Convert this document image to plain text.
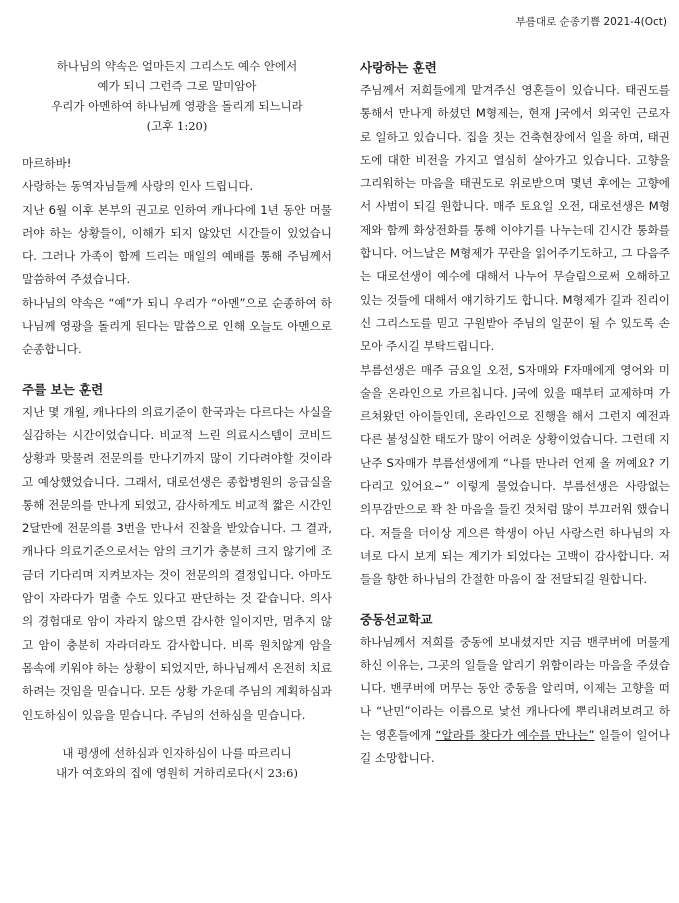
부름대로 순종기쁨 2021-4(Oct)
하나님의 약속은 얼마든지 그리스도 예수 안에서
예가 되니 그런즉 그로 말미암아
우리가 아멘하여 하나님께 영광을 돌리게 되느니라
(고후 1:20)

마르하바!

사랑하는 동역자님들께 사랑의 인사 드립니다.

지난 6월 이후 본부의 권고로 인하여 캐나다에 1년 동안 머물러야 하는 상황들이, 이해가 되지 않았던 시간들이 있었습니다. 그러나 가족이 함께 드리는 매일의 예배를 통해 주님께서 말씀하여 주셨습니다.

하나님의 약속은 “예”가 되니 우리가 “아멘”으로 순종하여 하나님께 영광을 돌리게 된다는 말씀으로 인해 오늘도 아멘으로 순종합니다.

주를 보는 훈련

지난 몇 개월, 캐나다의 의료기준이 한국과는 다르다는 사실을 실감하는 시간이었습니다. 비교적 느린 의료시스템이 코비드 상황과 맞물려 전문의를 만나기까지 많이 기다려야할 것이라고 예상했었습니다. 그래서, 대로선생은 종합병원의 응급실을 통해 전문의를 만나게 되었고, 감사하게도 비교적 짧은 시간인 2달만에 전문의를 3번을 만나서 진찰을 받았습니다. 그 결과, 캐나다 의료기준으로서는 암의 크기가 충분히 크지 않기에 조금더 기다리며 지켜보자는 것이 전문의의 결정입니다. 아마도 암이 자라다가 멈출 수도 있다고 판단하는 것 같습니다. 의사의 경험대로 암이 자라지 않으면 감사한 일이지만, 멈추지 않고 암이 충분히 자라더라도 감사합니다. 비록 원치않게 암을 몸속에 키워야 하는 상황이 되었지만, 하나님께서 온전히 치료하려는 것임을 믿습니다. 모든 상황 가운데 주님의 계획하심과 인도하심이 있음을 믿습니다. 주님의 선하심을 믿습니다.

내 평생에 선하심과 인자하심이 나를 따르리니
내가 여호와의 집에 영원히 거하리로다(시 23:6)

사랑하는 훈련

주님께서 저희들에게 맡겨주신 영혼들이 있습니다. 태권도를 통해서 만나게 하셨던 M형제는, 현재 J국에서 외국인 근로자로 일하고 있습니다. 집을 짓는 건축현장에서 일을 하며, 태권도에 대한 비전을 가지고 열심히 살아가고 있습니다. 고향을 그리워하는 마음을 태권도로 위로받으며 몇년 후에는 고향에서 사범이 되길 원합니다. 매주 토요일 오전, 대로선생은 M형제와 함께 화상전화를 통해 이야기를 나누는데 긴시간 통화를 합니다. 어느날은 M형제가 꾸란을 읽어주기도하고, 그 다음주는 대로선생이 예수에 대해서 나누어 무슬림으로써 오해하고있는 것들에 대해서 얘기하기도 합니다. M형제가 길과 진리이신 그리스도를 믿고 구원받아 주님의 일꾼이 될 수 있도록 손모아 주시길 부탁드립니다.

부름선생은 매주 금요일 오전, S자매와 F자매에게 영어와 미술을 온라인으로 가르칩니다. J국에 있을 때부터 교제하며 가르쳐왔던 아이들인데, 온라인으로 진행을 해서 그런지 예전과 다른 불성실한 태도가 많이 어려운 상황이었습니다. 그런데 지난주 S자매가 부름선생에게 “나를 만나러 언제 올 꺼예요? 기다리고 있어요~” 이렇게 물었습니다. 부름선생은 사랑없는 의무감만으로 꽉 찬 마음을 들킨 것처럼 많이 부끄러워 했습니다. 저들을 더이상 게으른 학생이 아닌 사랑스런 하나님의 자녀로 다시 보게 되는 계기가 되었다는 고백이 감사합니다. 저들을 향한 하나님의 간절한 마음이 잘 전달되길 원합니다.

중동선교학교

하나님께서 저희를 중동에 보내셨지만 지금 밴쿠버에 머물게하신 이유는, 그곳의 일들을 알리기 위함이라는 마음을 주셨습니다. 밴쿠버에 머무는 동안 중동을 알리며, 이제는 고향을 떠나 “난민”이라는 이름으로 낯선 캐나다에 뿌리내려보려고 하는 영혼들에게 “알라를 찾다가 예수를 만나는” 일들이 일어나길 소망합니다.
